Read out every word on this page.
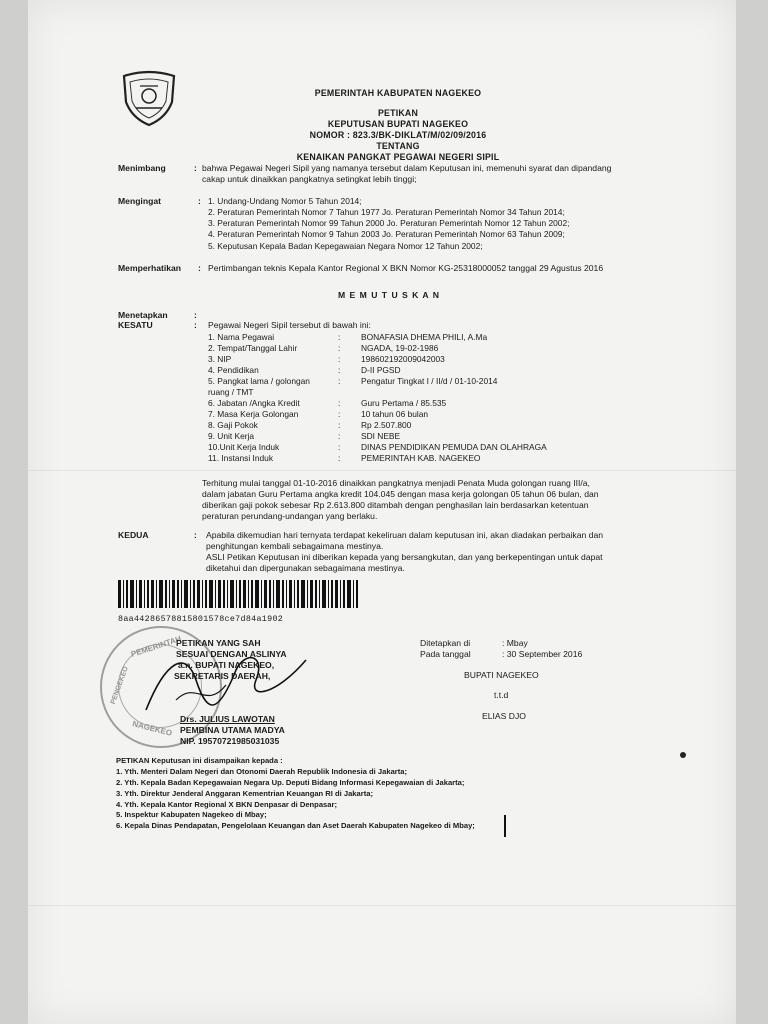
PEMERINTAH KABUPATEN NAGEKEO
PETIKAN
KEPUTUSAN BUPATI NAGEKEO
NOMOR : 823.3/BK-DIKLAT/M/02/09/2016
TENTANG
KENAIKAN PANGKAT PEGAWAI NEGERI SIPIL
Menimbang	: bahwa Pegawai Negeri Sipil yang namanya tersebut dalam Keputusan ini, memenuhi syarat dan dipandang
cakap untuk dinaikkan pangkatnya setingkat lebih tinggi;
Mengingat	: 1. Undang-Undang Nomor 5 Tahun 2014;
2. Peraturan Pemerintah Nomor 7 Tahun 1977 Jo. Peraturan Pemerintah Nomor 34 Tahun 2014;
3. Peraturan Pemerintah Nomor 99 Tahun 2000 Jo. Peraturan Pemerintah Nomor 12 Tahun 2002;
4. Peraturan Pemerintah Nomor 9 Tahun 2003 Jo. Peraturan Pemerintah Nomor 63 Tahun 2009;
5. Keputusan Kepala Badan Kepegawaian Negara Nomor 12 Tahun 2002;
Memperhatikan : Pertimbangan teknis Kepala Kantor Regional X BKN Nomor KG-25318000052 tanggal 29 Agustus 2016
M E M U T U S K A N
Menetapkan	:
KESATU	: Pegawai Negeri Sipil tersebut di bawah ini:
1. Nama Pegawai	: BONAFASIA DHEMA PHILI, A.Ma
2. Tempat/Tanggal Lahir	: NGADA, 19-02-1986
3. NIP	: 198602192009042003
4. Pendidikan	: D-II PGSD
5. Pangkat lama / golongan	: Pengatur Tingkat I / II/d / 01-10-2014
ruang / TMT
6. Jabatan /Angka Kredit	: Guru Pertama / 85.535
7. Masa Kerja Golongan	: 10 tahun 06 bulan
8. Gaji Pokok	: Rp 2.507.800
9. Unit Kerja	: SDI NEBE
10.Unit Kerja Induk	: DINAS PENDIDIKAN PEMUDA DAN OLAHRAGA
11. Instansi Induk	: PEMERINTAH KAB. NAGEKEO
Terhitung mulai tanggal 01-10-2016 dinaikkan pangkatnya menjadi Penata Muda golongan ruang III/a,
dalam jabatan Guru Pertama angka kredit 104.045 dengan masa kerja golongan 05 tahun 06 bulan, dan
diberikan gaji pokok sebesar Rp 2.613.800 ditambah dengan penghasilan lain berdasarkan ketentuan
peraturan perundang-undangan yang berlaku.
KEDUA	: Apabila dikemudian hari ternyata terdapat kekeliruan dalam keputusan ini, akan diadakan perbaikan dan
penghitungan kembali sebagaimana mestinya.
ASLI Petikan Keputusan ini diberikan kepada yang bersangkutan, dan yang berkepentingan untuk dapat
diketahui dan dipergunakan sebagaimana mestinya.
8aa44286578815801578ce7d84a1902
PEMERINTAH
PENGEKEO
NAGEKEO
PETIKAN YANG SAH
SESUAI DENGAN ASLINYA
a.n. BUPATI NAGEKEO,
SEKRETARIS DAERAH,
Drs. JULIUS LAWOTAN
PEMBINA UTAMA MADYA
NIP. 19570721985031035
Ditetapkan di	: Mbay
Pada tanggal	: 30 September 2016
BUPATI NAGEKEO
t.t.d
ELIAS DJO
PETIKAN Keputusan ini disampaikan kepada :
1. Yth. Menteri Dalam Negeri dan Otonomi Daerah Republik Indonesia di Jakarta;
2. Yth. Kepala Badan Kepegawaian Negara Up. Deputi Bidang Informasi Kepegawaian di Jakarta;
3. Yth. Direktur Jenderal Anggaran Kementrian Keuangan RI di Jakarta;
4. Yth. Kepala Kantor Regional X BKN Denpasar di Denpasar;
5. Inspektur Kabupaten Nagekeo di Mbay;
6. Kepala Dinas Pendapatan, Pengelolaan Keuangan dan Aset Daerah Kabupaten Nagekeo di Mbay;
